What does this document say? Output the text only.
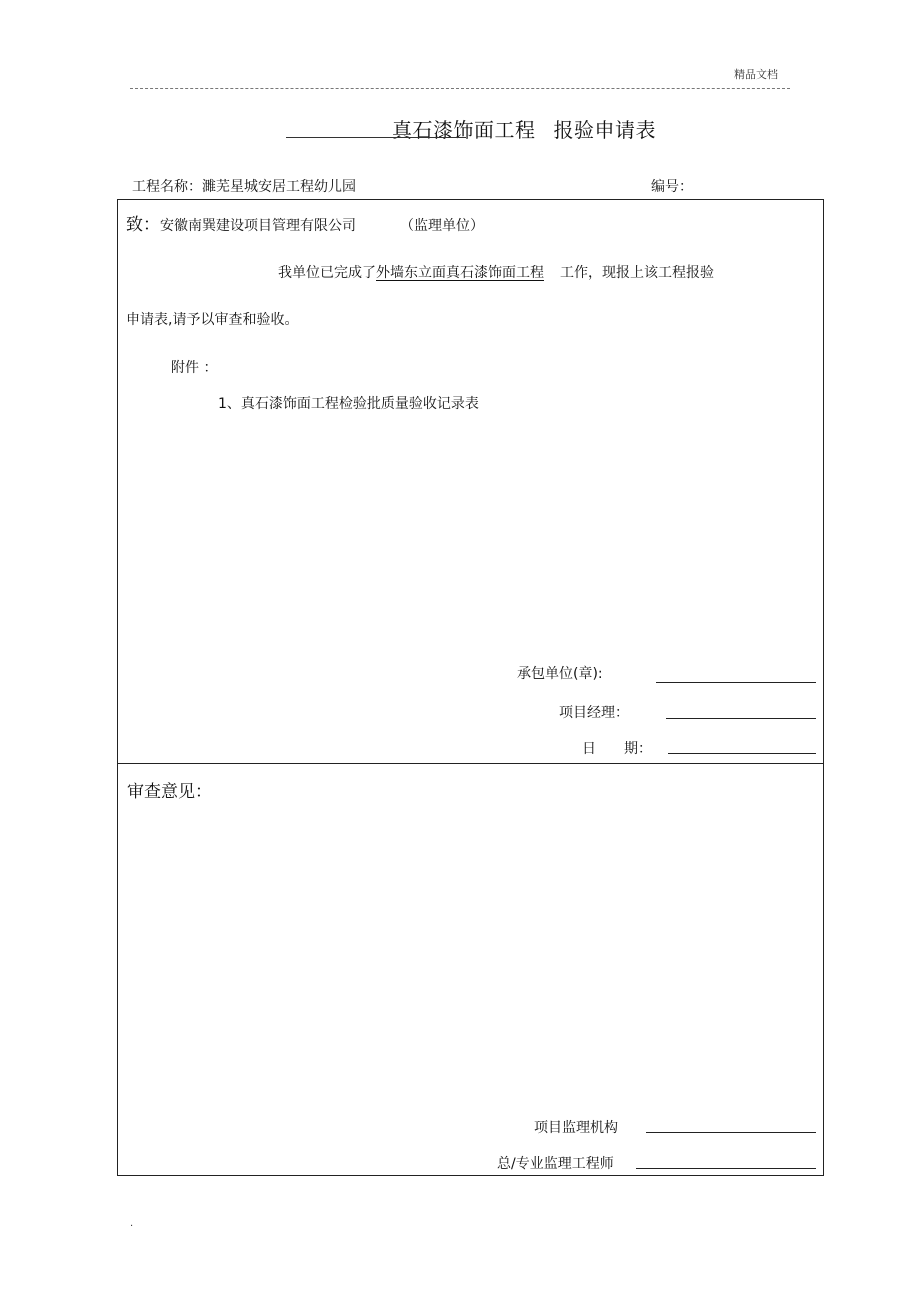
精品文档
真石漆饰面工程 报验申请表
工程名称：濉芜星城安居工程幼儿园	编号：
致：安徽南巽建设项目管理有限公司	（监理单位）
我单位已完成了外墙东立面真石漆饰面工程 工作，现报上该工程报验
申请表,请予以审查和验收。
附件 ：
1、真石漆饰面工程检验批质量验收记录表
承包单位(章):
项目经理：
日　　期：
审查意见：
项目监理机构
总/专业监理工程师
.
